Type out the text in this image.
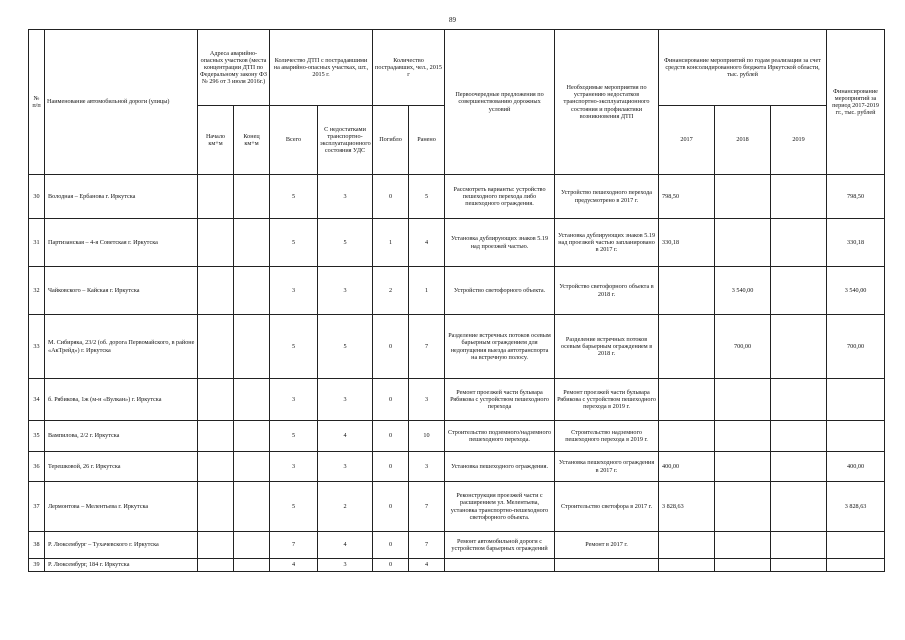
89
№ п/п	Наименование автомобильной дороги (улицы)	Адреса аварийно-опасных участков (места концентрации ДТП по Федеральному закону ФЗ № 296 от 3 июля 2016г.)		Количество ДТП с пострадавшими на аварийно-опасных участках, шт., 2015 г.		Количество пострадавших, чел., 2015 г		Первоочередные предложения по совершенствованию дорожных условий	Необходимые мероприятия по устранению недостатков транспортно-эксплуатационного состояния и профилактики возникновения ДТП	Финансирование мероприятий по годам реализации за счет средств консолидированного бюджета Иркутской области, тыс. рублей			Финансирование мероприятий за период 2017-2019 гг., тыс. рублей
		Начало км+м	Конец км+м	Всего	С недостатками транспортно-эксплуатационного состояния УДС	Погибло	Ранено			2017	2018	2019	
30	Володная – Ербанова г. Иркутска			5	3	0	5	Рассмотреть варианты: устройство пешеходного перехода либо пешеходного ограждения.	Устройство пешеходного перехода предусмотрено в 2017 г.	798,50			798,50
31	Партизанская – 4-я Советская г. Иркутска			5	5	1	4	Установка дублирующих знаков 5.19 над проезжей частью.	Установка дублирующих знаков 5.19 над проезжей частью запланировано в 2017 г.	330,18			330,18
32	Чайковского – Кайская г. Иркутска			3	3	2	1	Устройство светофорного объекта.	Устройство светофорного объекта в 2018 г.		3 540,00		3 540,00
33	М. Сибиряка, 23/2 (об. дорога Первомайского, в районе «АкТрейд») г. Иркутска			5	5	0	7	Разделение встречных потоков осевым барьерным ограждением для недопущения выезда автотранспорта на встречную полосу.	Разделение встречных потоков осевым барьерным ограждением в 2018 г.		700,00		700,00
34	б. Рябикова, 1ж (м-н «Вулкан») г. Иркутска			3	3	0	3	Ремонт проезжей части бульвара Рябикова с устройством пешеходного перехода	Ремонт проезжей части бульвара Рябикова с устройством пешеходного перехода в 2019 г.				
35	Вампилова, 2/2 г. Иркутска			5	4	0	10	Строительство подземного/надземного пешеходного перехода.	Строительство надземного пешеходного перехода в 2019 г.				
36	Терешковой, 26 г. Иркутска			3	3	0	3	Установка пешеходного ограждения.	Установка пешеходного ограждения в 2017 г.	400,00			400,00
37	Лермонтова – Мелентьева г. Иркутска			5	2	0	7	Реконструкция проезжей части с расширением ул. Мелентьева, установка транспортно-пешеходного светофорного объекта.	Строительство светофора в 2017 г.	3 828,63			3 828,63
38	Р. Люксембург – Тухачевского г. Иркутска			7	4	0	7	Ремонт автомобильной дороги с устройством барьерных ограждений	Ремонт в 2017 г.				
39	Р. Люксембург, 184 г. Иркутска			4	3	0	4						
